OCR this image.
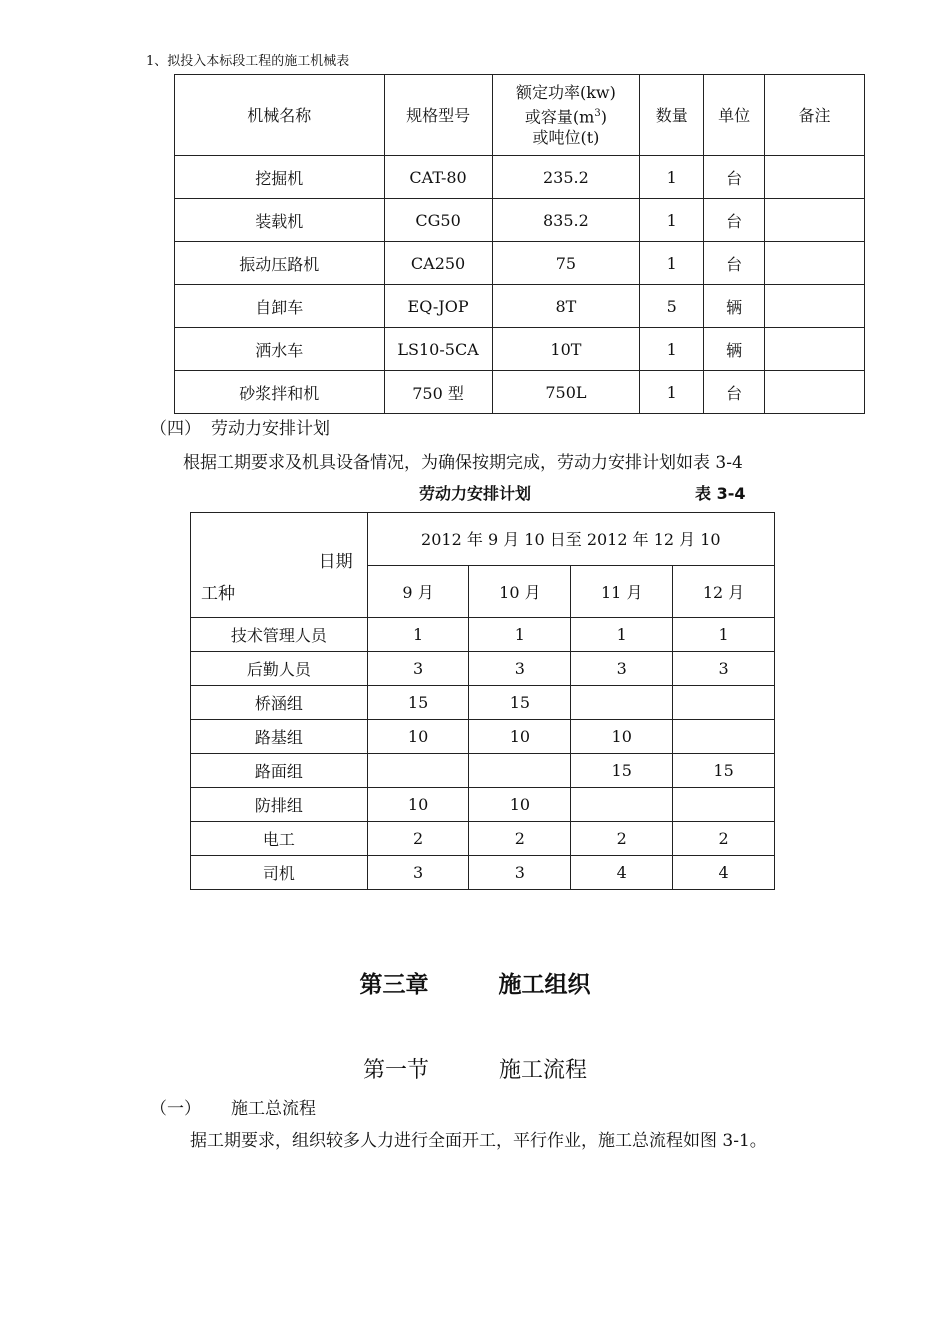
1、拟投入本标段工程的施工机械表
机械名称	规格型号	额定功率(kw)
或容量$(m^3)$
或吨位(t)	数量	单位	备注
挖掘机	CAT-80	235.2	1	台	
装载机	CG50	835.2	1	台	
振动压路机	CA250	75	1	台	
自卸车	EQ-JOP	8T	5	辆	
洒水车	LS10-5CA	10T	1	辆	
砂浆拌和机	750 型	750L	1	台	
（四） 劳动力安排计划
根据工期要求及机具设备情况，为确保按期完成，劳动力安排计划如表 3-4
劳动力安排计划	表 3-4
日期
工种	2012 年 9 月 10 日至 2012 年 12 月 10			
	9 月	10 月	11 月	12 月
技术管理人员	1	1	1	1
后勤人员	3	3	3	3
桥涵组	15	15		
路基组	10	10	10	
路面组			15	15
防排组	10	10		
电工	2	2	2	2
司机	3	3	4	4
第三章	施工组织
第一节	施工流程
（一） 施工总流程
据工期要求，组织较多人力进行全面开工，平行作业，施工总流程如图 3-1。
